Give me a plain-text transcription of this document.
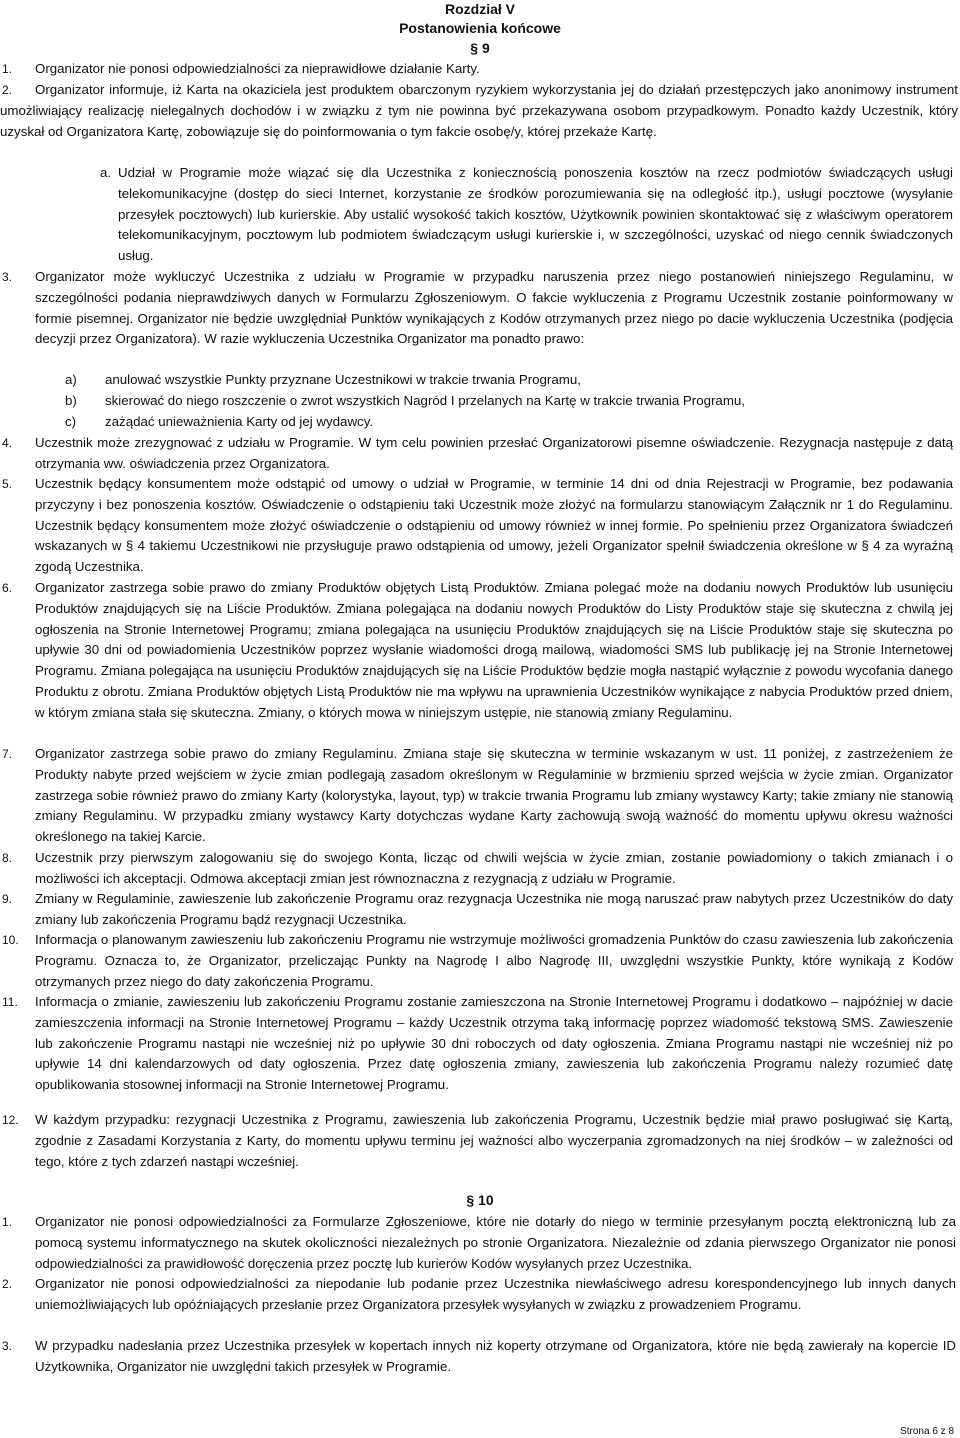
Rozdział V
Postanowienia końcowe
§ 9
1. Organizator nie ponosi odpowiedzialności za nieprawidłowe działanie Karty.
2.	Organizator informuje, iż Karta na okaziciela jest produktem obarczonym ryzykiem wykorzystania jej do działań przestępczych jako anonimowy instrument umożliwiający realizację nielegalnych dochodów i w związku z tym nie powinna być przekazywana osobom przypadkowym. Ponadto każdy Uczestnik, który uzyskał od Organizatora Kartę, zobowiązuje się do poinformowania o tym fakcie osobę/y, której przekaże Kartę.
a. Udział w Programie może wiązać się dla Uczestnika z koniecznością ponoszenia kosztów na rzecz podmiotów świadczących usługi telekomunikacyjne (dostęp do sieci Internet, korzystanie ze środków porozumiewania się na odległość itp.), usługi pocztowe (wysyłanie przesyłek pocztowych) lub kurierskie. Aby ustalić wysokość takich kosztów, Użytkownik powinien skontaktować się z właściwym operatorem telekomunikacyjnym, pocztowym lub podmiotem świadczącym usługi kurierskie i, w szczególności, uzyskać od niego cennik świadczonych usług.
3. Organizator może wykluczyć Uczestnika z udziału w Programie w przypadku naruszenia przez niego postanowień niniejszego Regulaminu, w szczególności podania nieprawdziwych danych w Formularzu Zgłoszeniowym. O fakcie wykluczenia z Programu Uczestnik zostanie poinformowany w formie pisemnej. Organizator nie będzie uwzględniał Punktów wynikających z Kodów otrzymanych przez niego po dacie wykluczenia Uczestnika (podjęcia decyzji przez Organizatora). W razie wykluczenia Uczestnika Organizator ma ponadto prawo:
a) anulować wszystkie Punkty przyznane Uczestnikowi w trakcie trwania Programu,
b) skierować do niego roszczenie o zwrot wszystkich Nagród I przelanych na Kartę w trakcie trwania Programu,
c) zażądać unieważnienia Karty od jej wydawcy.
4. Uczestnik może zrezygnować z udziału w Programie. W tym celu powinien przesłać Organizatorowi pisemne oświadczenie. Rezygnacja następuje z datą otrzymania ww. oświadczenia przez Organizatora.
5. Uczestnik będący konsumentem może odstąpić od umowy o udział w Programie, w terminie 14 dni od dnia Rejestracji w Programie, bez podawania przyczyny i bez ponoszenia kosztów. Oświadczenie o odstąpieniu taki Uczestnik może złożyć na formularzu stanowiącym Załącznik nr 1 do Regulaminu. Uczestnik będący konsumentem może złożyć oświadczenie o odstąpieniu od umowy również w innej formie. Po spełnieniu przez Organizatora świadczeń wskazanych w § 4 takiemu Uczestnikowi nie przysługuje prawo odstąpienia od umowy, jeżeli Organizator spełnił świadczenia określone w § 4 za wyraźną zgodą Uczestnika.
6. Organizator zastrzega sobie prawo do zmiany Produktów objętych Listą Produktów. Zmiana polegać może na dodaniu nowych Produktów lub usunięciu Produktów znajdujących się na Liście Produktów. Zmiana polegająca na dodaniu nowych Produktów do Listy Produktów staje się skuteczna z chwilą jej ogłoszenia na Stronie Internetowej Programu; zmiana polegająca na usunięciu Produktów znajdujących się na Liście Produktów staje się skuteczna po upływie 30 dni od powiadomienia Uczestników poprzez wysłanie wiadomości drogą mailową, wiadomości SMS lub publikację jej na Stronie Internetowej Programu. Zmiana polegająca na usunięciu Produktów znajdujących się na Liście Produktów będzie mogła nastąpić wyłącznie z powodu wycofania danego Produktu z obrotu. Zmiana Produktów objętych Listą Produktów nie ma wpływu na uprawnienia Uczestników wynikające z nabycia Produktów przed dniem, w którym zmiana stała się skuteczna. Zmiany, o których mowa w niniejszym ustępie, nie stanowią zmiany Regulaminu.
7. Organizator zastrzega sobie prawo do zmiany Regulaminu. Zmiana staje się skuteczna w terminie wskazanym w ust. 11 poniżej, z zastrzeżeniem że Produkty nabyte przed wejściem w życie zmian podlegają zasadom określonym w Regulaminie w brzmieniu sprzed wejścia w życie zmian. Organizator zastrzega sobie również prawo do zmiany Karty (kolorystyka, layout, typ) w trakcie trwania Programu lub zmiany wystawcy Karty; takie zmiany nie stanowią zmiany Regulaminu. W przypadku zmiany wystawcy Karty dotychczas wydane Karty zachowują swoją ważność do momentu upływu okresu ważności określonego na takiej Karcie.
8. Uczestnik przy pierwszym zalogowaniu się do swojego Konta, licząc od chwili wejścia w życie zmian, zostanie powiadomiony o takich zmianach i o możliwości ich akceptacji. Odmowa akceptacji zmian jest równoznaczna z rezygnacją z udziału w Programie.
9. Zmiany w Regulaminie, zawieszenie lub zakończenie Programu oraz rezygnacja Uczestnika nie mogą naruszać praw nabytych przez Uczestników do daty zmiany lub zakończenia Programu bądź rezygnacji Uczestnika.
10. Informacja o planowanym zawieszeniu lub zakończeniu Programu nie wstrzymuje możliwości gromadzenia Punktów do czasu zawieszenia lub zakończenia Programu. Oznacza to, że Organizator, przeliczając Punkty na Nagrodę I albo Nagrodę III, uwzględni wszystkie Punkty, które wynikają z Kodów otrzymanych przez niego do daty zakończenia Programu.
11. Informacja o zmianie, zawieszeniu lub zakończeniu Programu zostanie zamieszczona na Stronie Internetowej Programu i dodatkowo – najpóźniej w dacie zamieszczenia informacji na Stronie Internetowej Programu – każdy Uczestnik otrzyma taką informację poprzez wiadomość tekstową SMS. Zawieszenie lub zakończenie Programu nastąpi nie wcześniej niż po upływie 30 dni roboczych od daty ogłoszenia. Zmiana Programu nastąpi nie wcześniej niż po upływie 14 dni kalendarzowych od daty ogłoszenia. Przez datę ogłoszenia zmiany, zawieszenia lub zakończenia Programu należy rozumieć datę opublikowania stosownej informacji na Stronie Internetowej Programu.
12. W każdym przypadku: rezygnacji Uczestnika z Programu, zawieszenia lub zakończenia Programu, Uczestnik będzie miał prawo posługiwać się Kartą, zgodnie z Zasadami Korzystania z Karty, do momentu upływu terminu jej ważności albo wyczerpania zgromadzonych na niej środków – w zależności od tego, które z tych zdarzeń nastąpi wcześniej.
§ 10
1. Organizator nie ponosi odpowiedzialności za Formularze Zgłoszeniowe, które nie dotarły do niego w terminie przesyłanym pocztą elektroniczną lub za pomocą systemu informatycznego na skutek okoliczności niezależnych po stronie Organizatora. Niezależnie od zdania pierwszego Organizator nie ponosi odpowiedzialności za prawidłowość doręczenia przez pocztę lub kurierów Kodów wysyłanych przez Uczestnika.
2. Organizator nie ponosi odpowiedzialności za niepodanie lub podanie przez Uczestnika niewłaściwego adresu korespondencyjnego lub innych danych uniemożliwiających lub opóźniających przesłanie przez Organizatora przesyłek wysyłanych w związku z prowadzeniem Programu.
3. W przypadku nadesłania przez Uczestnika przesyłek w kopertach innych niż koperty otrzymane od Organizatora, które nie będą zawierały na kopercie ID Użytkownika, Organizator nie uwzględni takich przesyłek w Programie.
Strona 6 z 8
